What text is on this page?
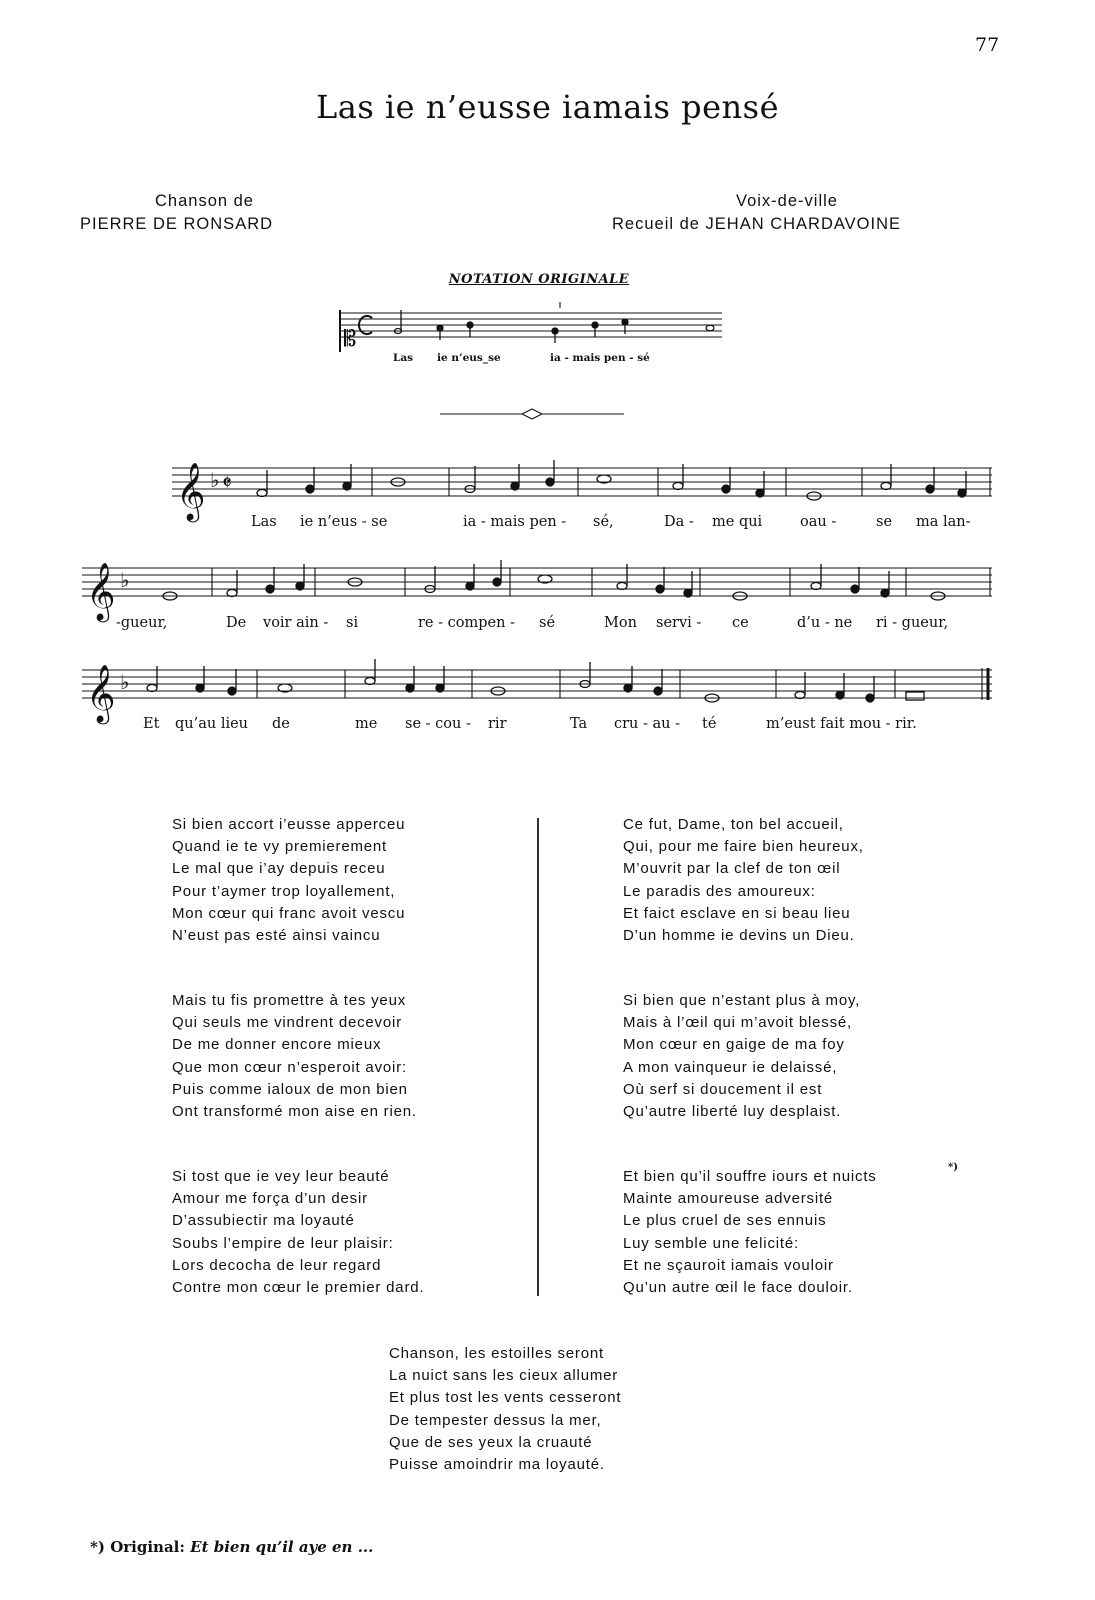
77
Las ie n’eusse iamais pensé
Chanson de
PIERRE DE RONSARD
Voix-de-ville
Recueil de JEHAN CHARDAVOINE
NOTATION ORIGINALE
𝄞
𝄞
𝄞
♭
♭
♭
𝄵
𝄡
Las ie n’eus_se	ia - mais pen - sé
Las ie n’eus - se	ia - mais pen - sé,	Da - me qui	oau -	se ma lan-
-gueur,	De voir ain - si	re - compen - sé	Mon servi - ce	d’u - ne ri - gueur,
Et qu’au lieu de	me se - cou - rir	Ta cru - au - té	m’eust fait mou - rir.
Si bien accort i’eusse apperceu
Quand ie te vy premierement
Le mal que i’ay depuis receu
Pour t’aymer trop loyallement,
Mon cœur qui franc avoit vescu
N’eust pas esté ainsi vaincu
Mais tu fis promettre à tes yeux
Qui seuls me vindrent decevoir
De me donner encore mieux
Que mon cœur n’esperoit avoir:
Puis comme ialoux de mon bien
Ont transformé mon aise en rien.
Si tost que ie vey leur beauté
Amour me força d’un desir
D’assubiectir ma loyauté
Soubs l’empire de leur plaisir:
Lors decocha de leur regard
Contre mon cœur le premier dard.
Ce fut, Dame, ton bel accueil,
Qui, pour me faire bien heureux,
M’ouvrit par la clef de ton œil
Le paradis des amoureux:
Et faict esclave en si beau lieu
D’un homme ie devins un Dieu.
Si bien que n’estant plus à moy,
Mais à l’œil qui m’avoit blessé,
Mon cœur en gaige de ma foy
A mon vainqueur ie delaissé,
Où serf si doucement il est
Qu’autre liberté luy desplaist.
Et bien qu’il souffre iours et nuicts
Mainte amoureuse adversité
Le plus cruel de ses ennuis
Luy semble une felicité:
Et ne sçauroit iamais vouloir
Qu’un autre œil le face douloir.
*)
Chanson, les estoilles seront
La nuict sans les cieux allumer
Et plus tost les vents cesseront
De tempester dessus la mer,
Que de ses yeux la cruauté
Puisse amoindrir ma loyauté.
*) Original: Et bien qu’il aye en ...
